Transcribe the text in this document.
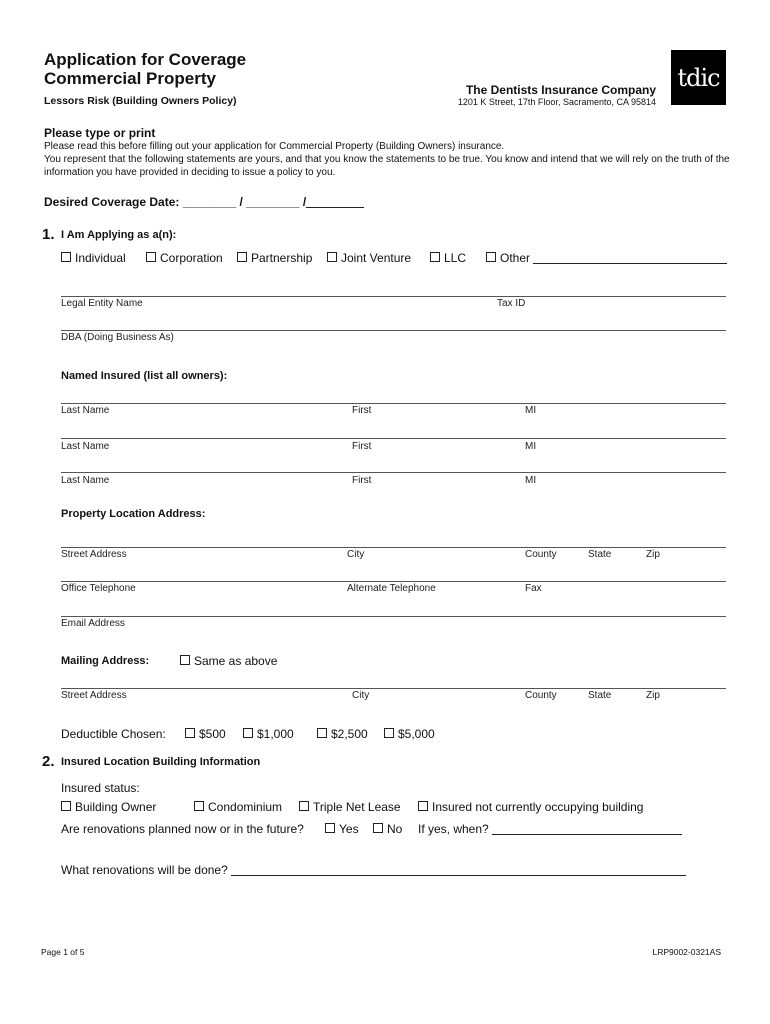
Application for Coverage
Commercial Property
Lessors Risk (Building Owners Policy)
The Dentists Insurance Company
1201 K Street, 17th Floor, Sacramento, CA 95814
tdic
Please type or print
Please read this before filling out your application for Commercial Property (Building Owners) insurance.
You represent that the following statements are yours, and that you know the statements to be true. You know and intend that we will rely on the truth of the information you have provided in deciding to issue a policy to you.
Desired Coverage Date: ________ / ________ /
1. I Am Applying as a(n):
Individual	Corporation	Partnership	Joint Venture	LLC	Other
Legal Entity Name	Tax ID
DBA (Doing Business As)
Named Insured (list all owners):
Last Name	First	MI
Last Name	First	MI
Last Name	First	MI
Property Location Address:
Street Address	City	County	State	Zip
Office Telephone	Alternate Telephone	Fax
Email Address
Mailing Address:	Same as above
Street Address	City	County	State	Zip
Deductible Chosen:	$500	$1,000	$2,500	$5,000
2. Insured Location Building Information
Insured status:
Building Owner	Condominium	Triple Net Lease	Insured not currently occupying building
Are renovations planned now or in the future?	Yes	No If yes, when?
What renovations will be done?
Page 1 of 5	LRP9002-0321AS
